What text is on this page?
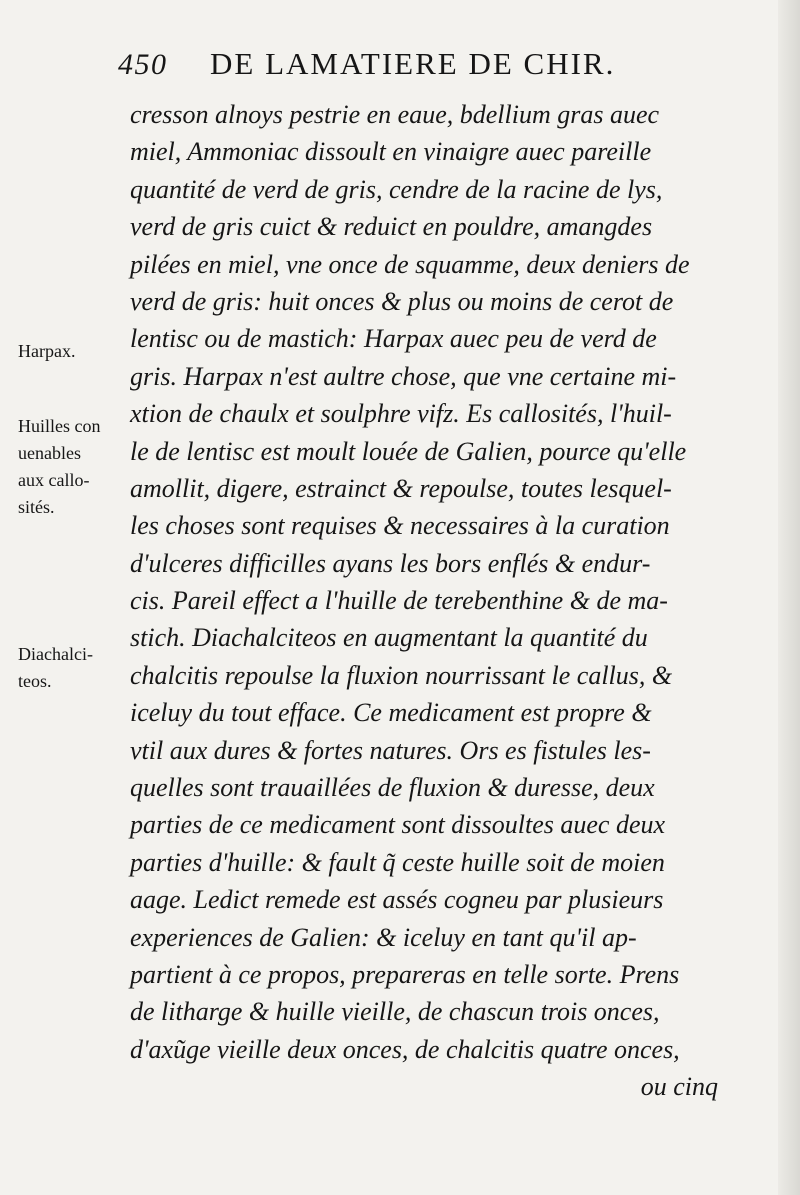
450 DE LAMATIERE DE CHIR.
cresson alnoys pestrie en eaue, bdellium gras auec
miel, Ammoniac dissoult en vinaigre auec pareille
quantité de verd de gris, cendre de la racine de lys,
verd de gris cuict & reduict en pouldre, amangdes
pilées en miel, vne once de squamme, deux deniers de
verd de gris: huit onces & plus ou moins de cerot de
lentisc ou de mastich: Harpax auec peu de verd de
gris. Harpax n'est aultre chose, que vne certaine mi-
xtion de chaulx et soulphre vifz. Es callosités, l'huil-
le de lentisc est moult louée de Galien, pource qu'elle
amollit, digere, estrainct & repoulse, toutes lesquel-
les choses sont requises & necessaires à la curation
d'ulceres difficilles ayans les bors enflés & endur-
cis. Pareil effect a l'huille de terebenthine & de ma-
stich. Diachalciteos en augmentant la quantité du
chalcitis repoulse la fluxion nourrissant le callus, &
iceluy du tout efface. Ce medicament est propre &
vtil aux dures & fortes natures. Ors es fistules les-
quelles sont trauaillées de fluxion & duresse, deux
parties de ce medicament sont dissoultes auec deux
parties d'huille: & fault q̃ ceste huille soit de moien
aage. Ledict remede est assés cogneu par plusieurs
experiences de Galien: & iceluy en tant qu'il ap-
partient à ce propos, prepareras en telle sorte. Prens
de litharge & huille vieille, de chascun trois onces,
d'axũge vieille deux onces, de chalcitis quatre onces,
ou cinq
Harpax.
Huilles con
uenables
aux callo-
sités.
Diachalci-
teos.
